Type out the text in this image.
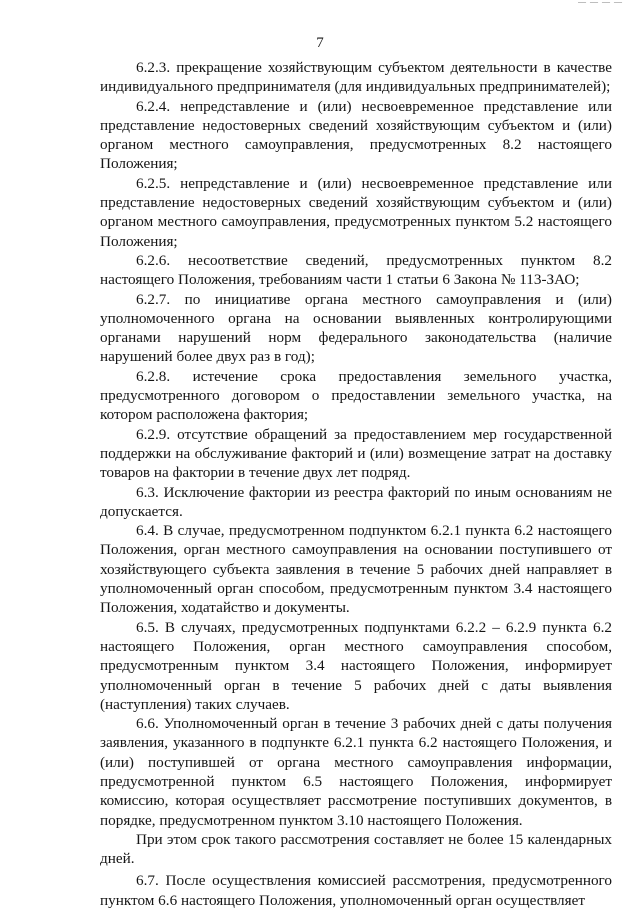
7

6.2.3. прекращение хозяйствующим субъектом деятельности в качестве индивидуального предпринимателя (для индивидуальных предпринимателей);

6.2.4. непредставление и (или) несвоевременное представление или представление недостоверных сведений хозяйствующим субъектом и (или) органом местного самоуправления, предусмотренных 8.2 настоящего Положения;

6.2.5. непредставление и (или) несвоевременное представление или представление недостоверных сведений хозяйствующим субъектом и (или) органом местного самоуправления, предусмотренных пунктом 5.2 настоящего Положения;

6.2.6. несоответствие сведений, предусмотренных пунктом 8.2 настоящего Положения, требованиям части 1 статьи 6 Закона № 113-ЗАО;

6.2.7. по инициативе органа местного самоуправления и (или) уполномоченного органа на основании выявленных контролирующими органами нарушений норм федерального законодательства (наличие нарушений более двух раз в год);

6.2.8. истечение срока предоставления земельного участка, предусмотренного договором о предоставлении земельного участка, на котором расположена фактория;

6.2.9. отсутствие обращений за предоставлением мер государственной поддержки на обслуживание факторий и (или) возмещение затрат на доставку товаров на фактории в течение двух лет подряд.

6.3. Исключение фактории из реестра факторий по иным основаниям не допускается.

6.4. В случае, предусмотренном подпунктом 6.2.1 пункта 6.2 настоящего Положения, орган местного самоуправления на основании поступившего от хозяйствующего субъекта заявления в течение 5 рабочих дней направляет в уполномоченный орган способом, предусмотренным пунктом 3.4 настоящего Положения, ходатайство и документы.

6.5. В случаях, предусмотренных подпунктами 6.2.2 – 6.2.9 пункта 6.2 настоящего Положения, орган местного самоуправления способом, предусмотренным пунктом 3.4 настоящего Положения, информирует уполномоченный орган в течение 5 рабочих дней с даты выявления (наступления) таких случаев.

6.6. Уполномоченный орган в течение 3 рабочих дней с даты получения заявления, указанного в подпункте 6.2.1 пункта 6.2 настоящего Положения, и (или) поступившей от органа местного самоуправления информации, предусмотренной пунктом 6.5 настоящего Положения, информирует комиссию, которая осуществляет рассмотрение поступивших документов, в порядке, предусмотренном пунктом 3.10 настоящего Положения.

При этом срок такого рассмотрения составляет не более 15 календарных дней.

6.7. После осуществления комиссией рассмотрения, предусмотренного пунктом 6.6 настоящего Положения, уполномоченный орган осуществляет
